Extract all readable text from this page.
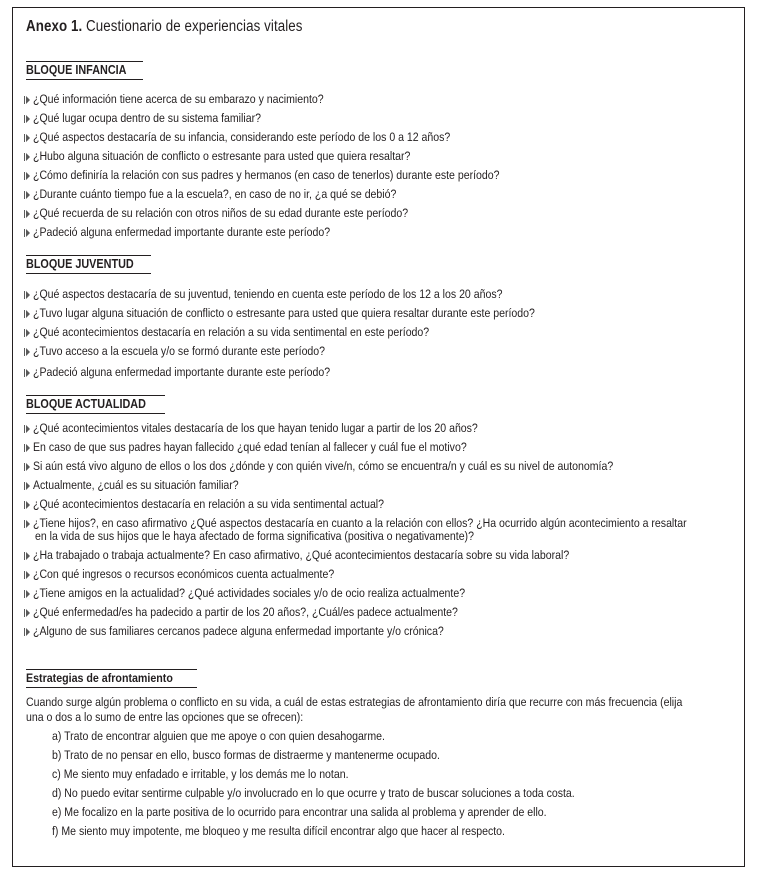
Anexo 1. Cuestionario de experiencias vitales
BLOQUE INFANCIA
¿Qué información tiene acerca de su embarazo y nacimiento?
¿Qué lugar ocupa dentro de su sistema familiar?
¿Qué aspectos destacaría de su infancia, considerando este período de los 0 a 12 años?
¿Hubo alguna situación de conflicto o estresante para usted que quiera resaltar?
¿Cómo definiría la relación con sus padres y hermanos (en caso de tenerlos) durante este período?
¿Durante cuánto tiempo fue a la escuela?, en caso de no ir, ¿a qué se debió?
¿Qué recuerda de su relación con otros niños de su edad durante este período?
¿Padeció alguna enfermedad importante durante este período?
BLOQUE JUVENTUD
¿Qué aspectos destacaría de su juventud, teniendo en cuenta este período de los 12 a los 20 años?
¿Tuvo lugar alguna situación de conflicto o estresante para usted que quiera resaltar durante este período?
¿Qué acontecimientos destacaría en relación a su vida sentimental en este período?
¿Tuvo acceso a la escuela y/o se formó durante este período?
¿Padeció alguna enfermedad importante durante este período?
BLOQUE ACTUALIDAD
¿Qué acontecimientos vitales destacaría de los que hayan tenido lugar a partir de los 20 años?
En caso de que sus padres hayan fallecido ¿qué edad tenían al fallecer y cuál fue el motivo?
Si aún está vivo alguno de ellos o los dos ¿dónde y con quién vive/n, cómo se encuentra/n y cuál es su nivel de autonomía?
Actualmente, ¿cuál es su situación familiar?
¿Qué acontecimientos destacaría en relación a su vida sentimental actual?
¿Tiene hijos?, en caso afirmativo ¿Qué aspectos destacaría en cuanto a la relación con ellos? ¿Ha ocurrido algún acontecimiento a resaltar
en la vida de sus hijos que le haya afectado de forma significativa (positiva o negativamente)?
¿Ha trabajado o trabaja actualmente? En caso afirmativo, ¿Qué acontecimientos destacaría sobre su vida laboral?
¿Con qué ingresos o recursos económicos cuenta actualmente?
¿Tiene amigos en la actualidad? ¿Qué actividades sociales y/o de ocio realiza actualmente?
¿Qué enfermedad/es ha padecido a partir de los 20 años?, ¿Cuál/es padece actualmente?
¿Alguno de sus familiares cercanos padece alguna enfermedad importante y/o crónica?
Estrategias de afrontamiento
Cuando surge algún problema o conflicto en su vida, a cuál de estas estrategias de afrontamiento diría que recurre con más frecuencia (elija
una o dos a lo sumo de entre las opciones que se ofrecen):
a) Trato de encontrar alguien que me apoye o con quien desahogarme.
b) Trato de no pensar en ello, busco formas de distraerme y mantenerme ocupado.
c) Me siento muy enfadado e irritable, y los demás me lo notan.
d) No puedo evitar sentirme culpable y/o involucrado en lo que ocurre y trato de buscar soluciones a toda costa.
e) Me focalizo en la parte positiva de lo ocurrido para encontrar una salida al problema y aprender de ello.
f) Me siento muy impotente, me bloqueo y me resulta difícil encontrar algo que hacer al respecto.
